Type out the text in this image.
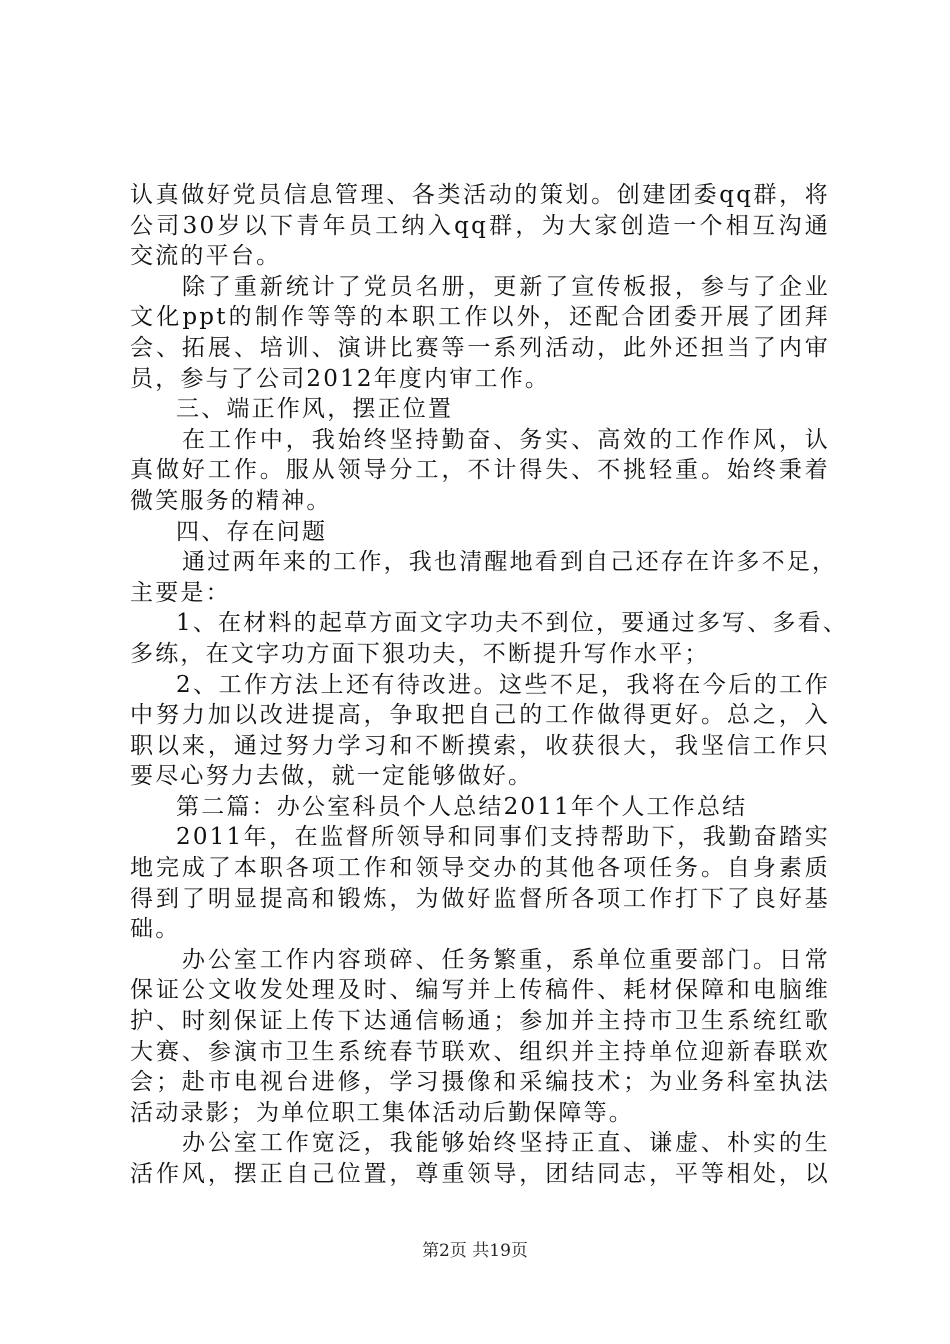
认真做好党员信息管理、各类活动的策划。创建团委qq群，将
公司30岁以下青年员工纳入qq群，为大家创造一个相互沟通
交流的平台。
除了重新统计了党员名册，更新了宣传板报，参与了企业
文化ppt的制作等等的本职工作以外，还配合团委开展了团拜
会、拓展、培训、演讲比赛等一系列活动，此外还担当了内审
员，参与了公司2012年度内审工作。
三、端正作风，摆正位置
在工作中，我始终坚持勤奋、务实、高效的工作作风，认
真做好工作。服从领导分工，不计得失、不挑轻重。始终秉着
微笑服务的精神。
四、存在问题
通过两年来的工作，我也清醒地看到自己还存在许多不足，
主要是：
1、在材料的起草方面文字功夫不到位，要通过多写、多看、
多练，在文字功方面下狠功夫，不断提升写作水平；
2、工作方法上还有待改进。这些不足，我将在今后的工作
中努力加以改进提高，争取把自己的工作做得更好。总之，入
职以来，通过努力学习和不断摸索，收获很大，我坚信工作只
要尽心努力去做，就一定能够做好。
第二篇：办公室科员个人总结2011年个人工作总结
2011年，在监督所领导和同事们支持帮助下，我勤奋踏实
地完成了本职各项工作和领导交办的其他各项任务。自身素质
得到了明显提高和锻炼，为做好监督所各项工作打下了良好基
础。
办公室工作内容琐碎、任务繁重，系单位重要部门。日常
保证公文收发处理及时、编写并上传稿件、耗材保障和电脑维
护、时刻保证上传下达通信畅通；参加并主持市卫生系统红歌
大赛、参演市卫生系统春节联欢、组织并主持单位迎新春联欢
会；赴市电视台进修，学习摄像和采编技术；为业务科室执法
活动录影；为单位职工集体活动后勤保障等。
办公室工作宽泛，我能够始终坚持正直、谦虚、朴实的生
活作风，摆正自己位置，尊重领导，团结同志，平等相处，以
第2页 共19页
